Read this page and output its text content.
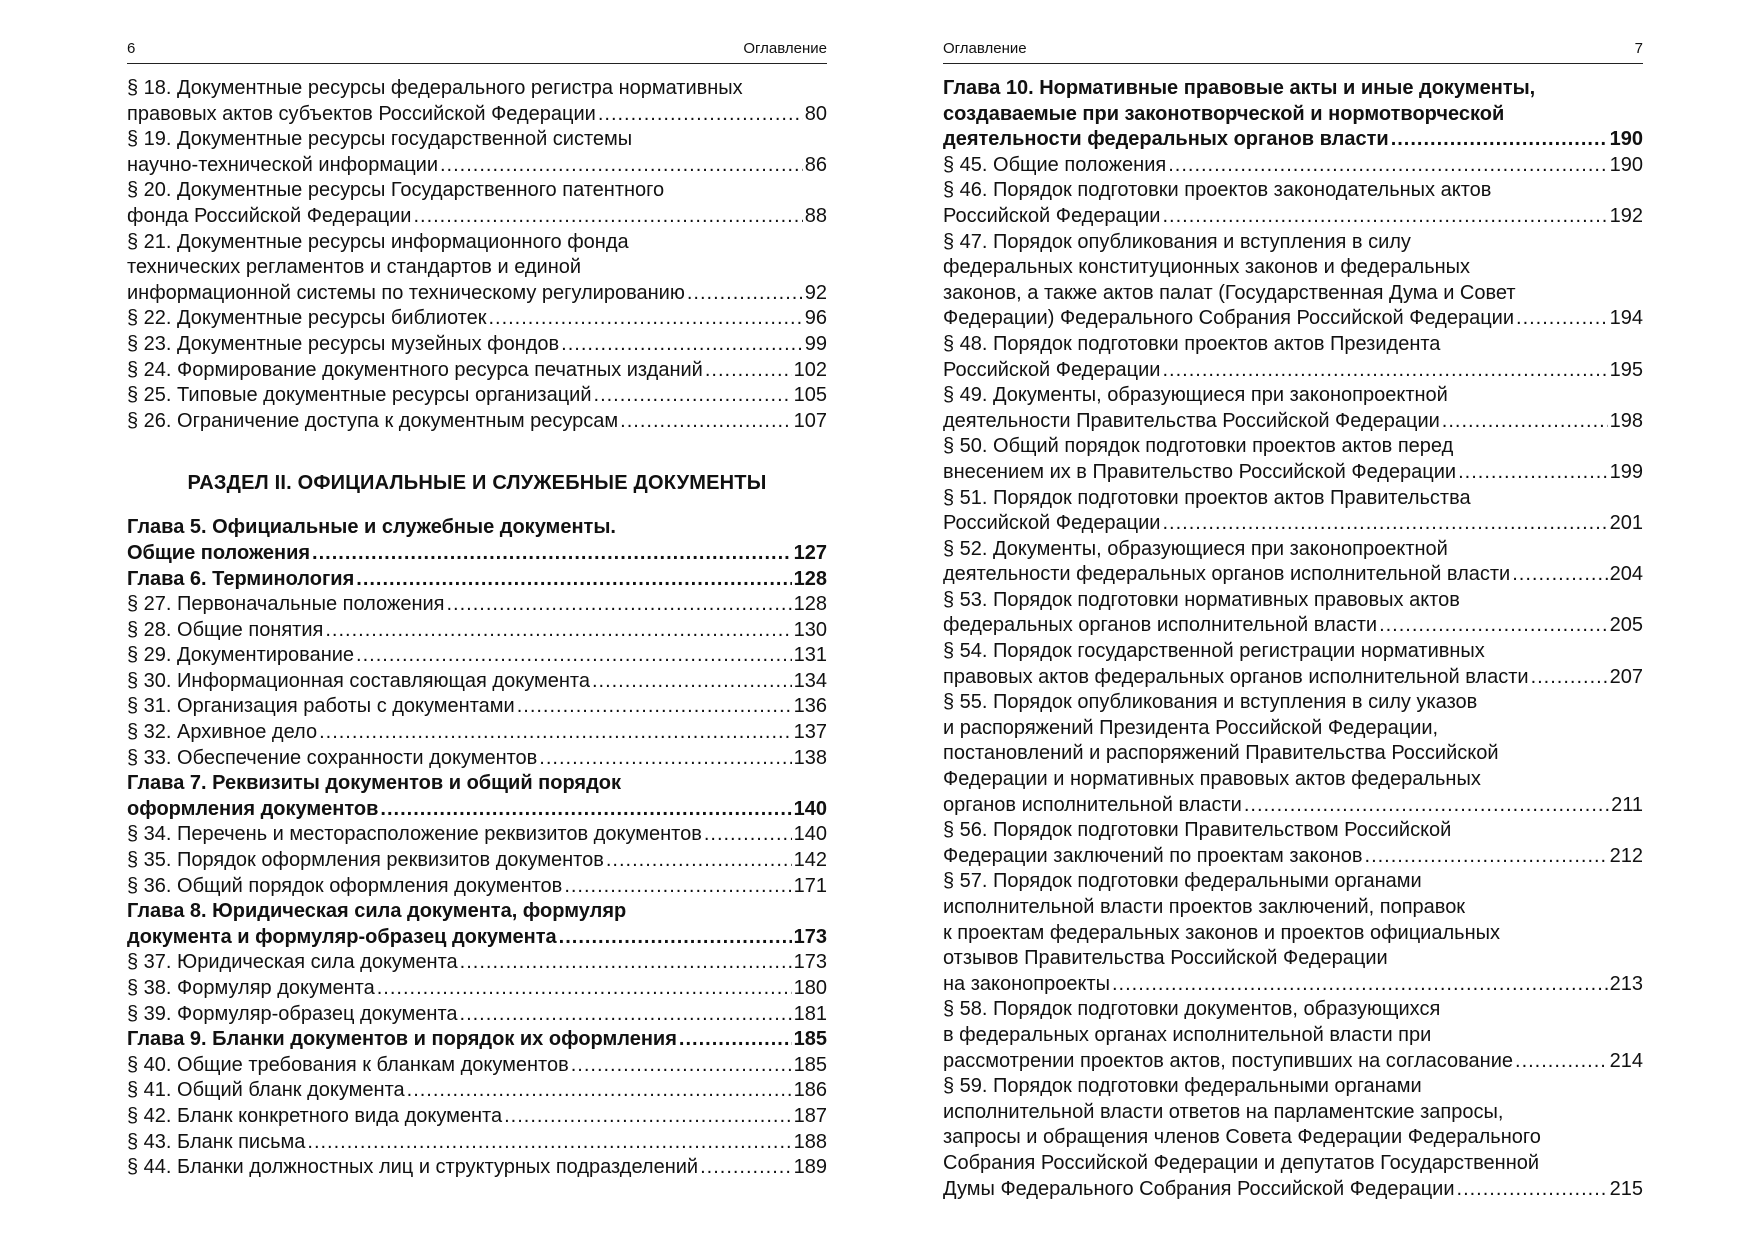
6	Оглавление
§ 18. Документные ресурсы федерального регистра нормативных
правовых актов субъектов Российской Федерации .....	80
§ 19. Документные ресурсы государственной системы
научно-технической информации .....	86
§ 20. Документные ресурсы Государственного патентного
фонда Российской Федерации .....	88
§ 21. Документные ресурсы информационного фонда
технических регламентов и стандартов и единой
информационной системы по техническому регулированию .....	92
§ 22. Документные ресурсы библиотек .....	96
§ 23. Документные ресурсы музейных фондов .....	99
§ 24. Формирование документного ресурса печатных изданий .....	102
§ 25. Типовые документные ресурсы организаций .....	105
§ 26. Ограничение доступа к документным ресурсам .....	107
РАЗДЕЛ II. ОФИЦИАЛЬНЫЕ И СЛУЖЕБНЫЕ ДОКУМЕНТЫ
Глава 5. Официальные и служебные документы.
Общие положения .....	127
Глава 6. Терминология .....	128
§ 27. Первоначальные положения .....	128
§ 28. Общие понятия .....	130
§ 29. Документирование .....	131
§ 30. Информационная составляющая документа .....	134
§ 31. Организация работы с документами .....	136
§ 32. Архивное дело .....	137
§ 33. Обеспечение сохранности документов .....	138
Глава 7. Реквизиты документов и общий порядок
оформления документов .....	140
§ 34. Перечень и месторасположение реквизитов документов .....	140
§ 35. Порядок оформления реквизитов документов .....	142
§ 36. Общий порядок оформления документов .....	171
Глава 8. Юридическая сила документа, формуляр
документа и формуляр-образец документа .....	173
§ 37. Юридическая сила документа .....	173
§ 38. Формуляр документа .....	180
§ 39. Формуляр-образец документа .....	181
Глава 9. Бланки документов и порядок их оформления .....	185
§ 40. Общие требования к бланкам документов .....	185
§ 41. Общий бланк документа .....	186
§ 42. Бланк конкретного вида документа .....	187
§ 43. Бланк письма .....	188
§ 44. Бланки должностных лиц и структурных подразделений .....	189
Оглавление	7
Глава 10. Нормативные правовые акты и иные документы,
создаваемые при законотворческой и нормотворческой
деятельности федеральных органов власти .....	190
§ 45. Общие положения .....	190
§ 46. Порядок подготовки проектов законодательных актов
Российской Федерации .....	192
§ 47. Порядок опубликования и вступления в силу
федеральных конституционных законов и федеральных
законов, а также актов палат (Государственная Дума и Совет
Федерации) Федерального Собрания Российской Федерации .....	194
§ 48. Порядок подготовки проектов актов Президента
Российской Федерации .....	195
§ 49. Документы, образующиеся при законопроектной
деятельности Правительства Российской Федерации .....	198
§ 50. Общий порядок подготовки проектов актов перед
внесением их в Правительство Российской Федерации .....	199
§ 51. Порядок подготовки проектов актов Правительства
Российской Федерации .....	201
§ 52. Документы, образующиеся при законопроектной
деятельности федеральных органов исполнительной власти .....	204
§ 53. Порядок подготовки нормативных правовых актов
федеральных органов исполнительной власти .....	205
§ 54. Порядок государственной регистрации нормативных
правовых актов федеральных органов исполнительной власти .....	207
§ 55. Порядок опубликования и вступления в силу указов
и распоряжений Президента Российской Федерации,
постановлений и распоряжений Правительства Российской
Федерации и нормативных правовых актов федеральных
органов исполнительной власти .....	211
§ 56. Порядок подготовки Правительством Российской
Федерации заключений по проектам законов .....	212
§ 57. Порядок подготовки федеральными органами
исполнительной власти проектов заключений, поправок
к проектам федеральных законов и проектов официальных
отзывов Правительства Российской Федерации
на законопроекты .....	213
§ 58. Порядок подготовки документов, образующихся
в федеральных органах исполнительной власти при
рассмотрении проектов актов, поступивших на согласование .....	214
§ 59. Порядок подготовки федеральными органами
исполнительной власти ответов на парламентские запросы,
запросы и обращения членов Совета Федерации Федерального
Собрания Российской Федерации и депутатов Государственной
Думы Федерального Собрания Российской Федерации .....	215
